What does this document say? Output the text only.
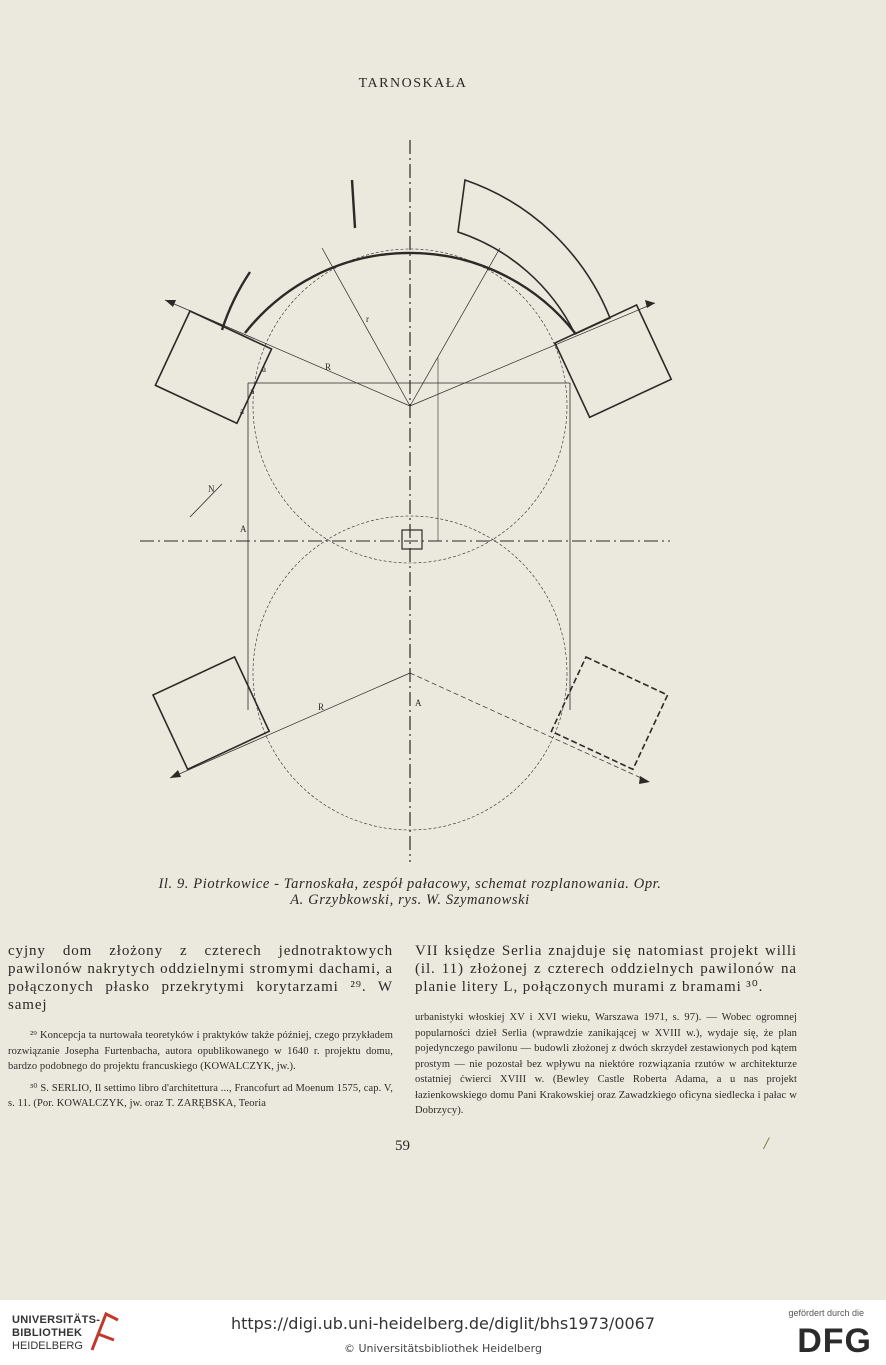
TARNOSKAŁA
r
R
R	A
A
a
a
a
N
Il. 9. Piotrkowice - Tarnoskała, zespół pałacowy, schemat rozplanowania. Opr.
A. Grzybkowski, rys. W. Szymanowski
cyjny dom złożony z czterech jednotraktowych pawilonów nakrytych oddzielnymi stromymi dachami, a połączonych płasko przekrytymi korytarzami ²⁹. W samej

²⁹ Koncepcja ta nurtowała teoretyków i praktyków także później, czego przykładem rozwiązanie Josepha Furtenbacha, autora opublikowanego w 1640 r. projektu domu, bardzo podobnego do projektu francuskiego (KOWALCZYK, jw.).

³⁰ S. SERLIO, Il settimo libro d'architettura ..., Francofurt ad Moenum 1575, cap. V, s. 11. (Por. KOWALCZYK, jw. oraz T. ZARĘBSKA, Teoria

VII księdze Serlia znajduje się natomiast projekt willi (il. 11) złożonej z czterech oddzielnych pawilonów na planie litery L, połączonych murami z bramami ³⁰.

urbanistyki włoskiej XV i XVI wieku, Warszawa 1971, s. 97). — Wobec ogromnej popularności dzieł Serlia (wprawdzie zanikającej w XVIII w.), wydaje się, że plan pojedynczego pawilonu — budowli złożonej z dwóch skrzydeł zestawionych pod kątem prostym — nie pozostał bez wpływu na niektóre rozwiązania rzutów w architekturze ostatniej ćwierci XVIII w. (Bewley Castle Roberta Adama, a u nas projekt łazienkowskiego domu Pani Krakowskiej oraz Zawadzkiego oficyna siedlecka i pałac w Dobrzycy).

59	/
UNIVERSITÄTS-
BIBLIOTHEK
HEIDELBERG
https://digi.ub.uni-heidelberg.de/diglit/bhs1973/0067
© Universitätsbibliothek Heidelberg
gefördert durch die
DFG
